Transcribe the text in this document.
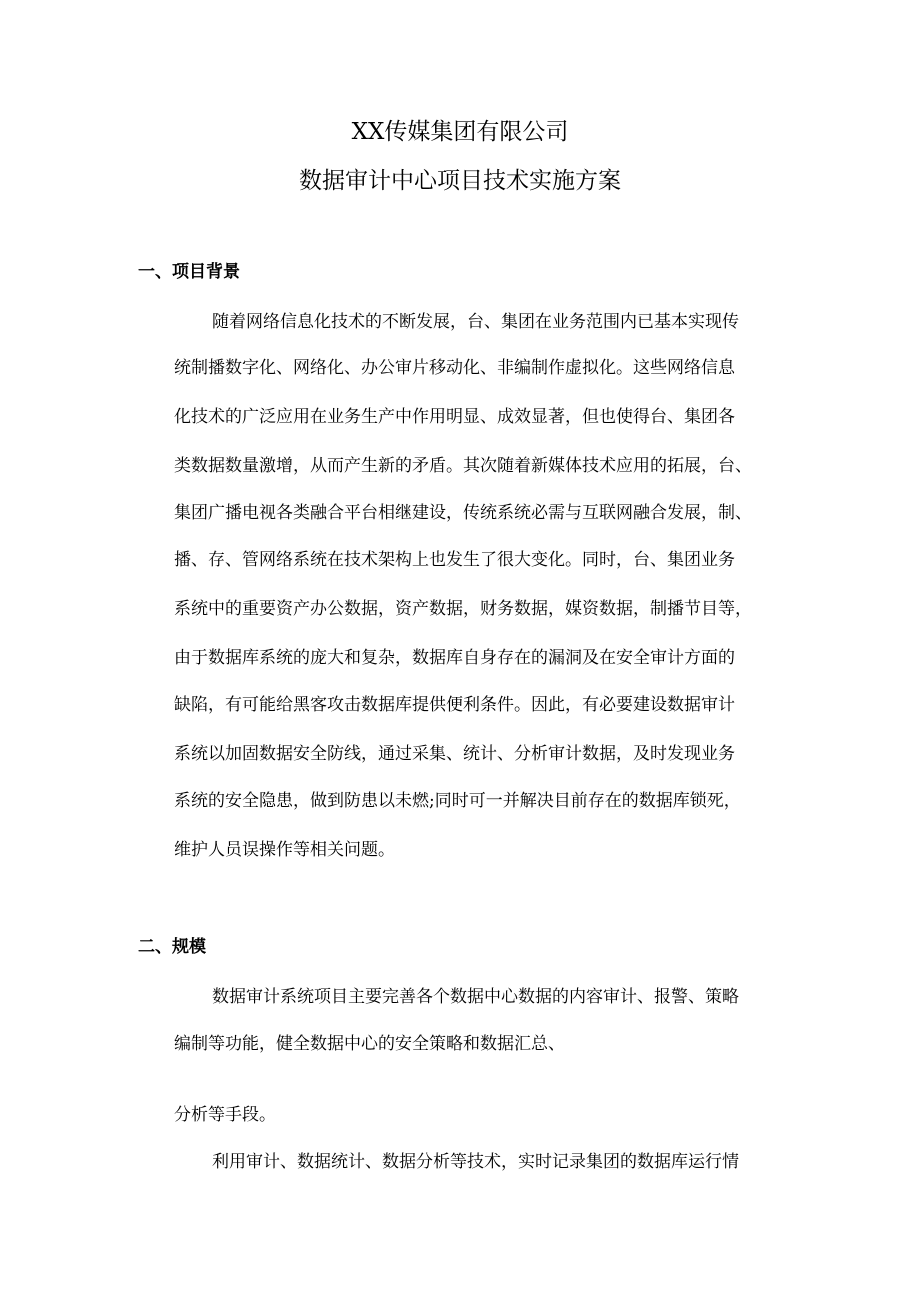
XX传媒集团有限公司
数据审计中心项目技术实施方案
一、项目背景
随着网络信息化技术的不断发展，台、集团在业务范围内已基本实现传
统制播数字化、网络化、办公审片移动化、非编制作虚拟化。这些网络信息
化技术的广泛应用在业务生产中作用明显、成效显著，但也使得台、集团各
类数据数量激增，从而产生新的矛盾。其次随着新媒体技术应用的拓展，台、
集团广播电视各类融合平台相继建设，传统系统必需与互联网融合发展，制、
播、存、管网络系统在技术架构上也发生了很大变化。同时，台、集团业务
系统中的重要资产办公数据，资产数据，财务数据，媒资数据，制播节目等，
由于数据库系统的庞大和复杂，数据库自身存在的漏洞及在安全审计方面的
缺陷，有可能给黑客攻击数据库提供便利条件。因此，有必要建设数据审计
系统以加固数据安全防线，通过采集、统计、分析审计数据，及时发现业务
系统的安全隐患，做到防患以未燃;同时可一并解决目前存在的数据库锁死，
维护人员误操作等相关问题。
二、规模
数据审计系统项目主要完善各个数据中心数据的内容审计、报警、策略
编制等功能，健全数据中心的安全策略和数据汇总、
分析等手段。
利用审计、数据统计、数据分析等技术，实时记录集团的数据库运行情
